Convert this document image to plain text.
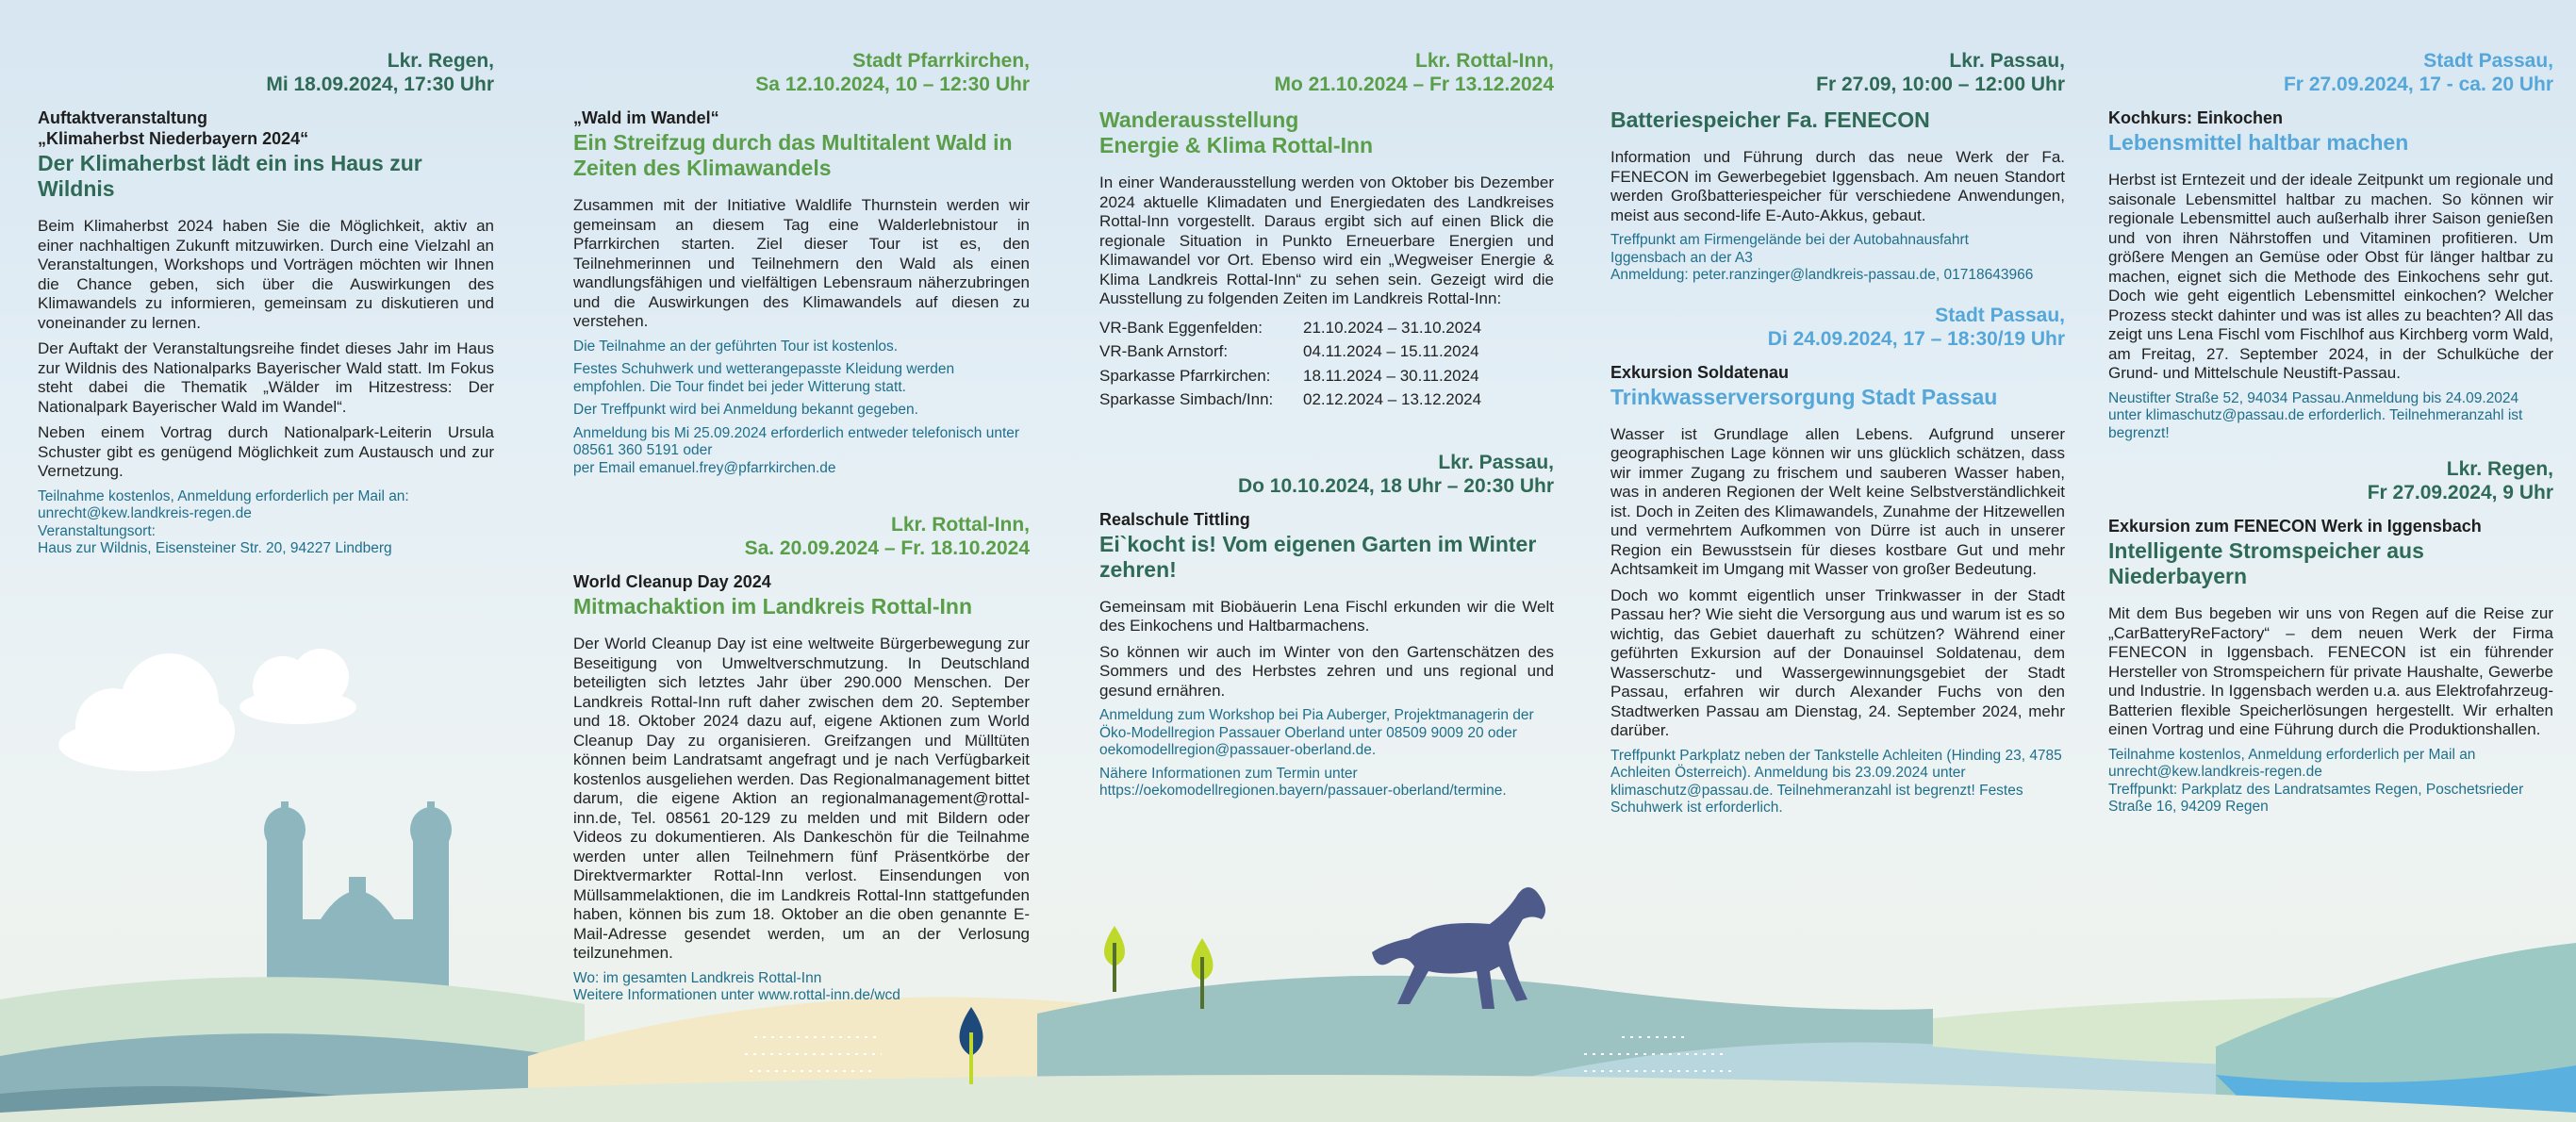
Lkr. Regen,
Mi 18.09.2024, 17:30 Uhr
Auftaktveranstaltung
„Klimaherbst Niederbayern 2024“
Der Klimaherbst lädt ein ins Haus zur Wildnis

Beim Klimaherbst 2024 haben Sie die Möglichkeit, aktiv an einer nachhaltigen Zukunft mitzuwirken. Durch eine Vielzahl an Veranstaltungen, Workshops und Vorträgen möchten wir Ihnen die Chance geben, sich über die Auswirkungen des Klimawandels zu informieren, gemeinsam zu diskutieren und voneinander zu lernen.

Der Auftakt der Veranstaltungsreihe findet dieses Jahr im Haus zur Wildnis des Nationalparks Bayerischer Wald statt. Im Fokus steht dabei die Thematik „Wälder im Hitzestress: Der Nationalpark Bayerischer Wald im Wandel“.

Neben einem Vortrag durch Nationalpark-Leiterin Ursula Schuster gibt es genügend Möglichkeit zum Austausch und zur Vernetzung.

Teilnahme kostenlos, Anmeldung erforderlich per Mail an:
unrecht@kew.landkreis-regen.de
Veranstaltungsort:
Haus zur Wildnis, Eisensteiner Str. 20, 94227 Lindberg
Stadt Pfarrkirchen,
Sa 12.10.2024, 10 – 12:30 Uhr
„Wald im Wandel“
Ein Streifzug durch das Multitalent Wald in Zeiten des Klimawandels

Zusammen mit der Initiative Waldlife Thurnstein werden wir gemeinsam an diesem Tag eine Walderlebnistour in Pfarrkirchen starten. Ziel dieser Tour ist es, den Teilnehmerinnen und Teilnehmern den Wald als einen wandlungsfähigen und vielfältigen Lebensraum näherzubringen und die Auswirkungen des Klimawandels auf diesen zu verstehen.

Die Teilnahme an der geführten Tour ist kostenlos.
Festes Schuhwerk und wetterangepasste Kleidung werden empfohlen. Die Tour findet bei jeder Witterung statt.
Der Treffpunkt wird bei Anmeldung bekannt gegeben.
Anmeldung bis Mi 25.09.2024 erforderlich entweder telefonisch unter 08561 360 5191 oder
per Email emanuel.frey@pfarrkirchen.de
Lkr. Rottal-Inn,
Sa. 20.09.2024 – Fr. 18.10.2024
World Cleanup Day 2024
Mitmachaktion im Landkreis Rottal-Inn

Der World Cleanup Day ist eine weltweite Bürgerbewegung zur Beseitigung von Umweltverschmutzung. In Deutschland beteiligten sich letztes Jahr über 290.000 Menschen. Der Landkreis Rottal-Inn ruft daher zwischen dem 20. September und 18. Oktober 2024 dazu auf, eigene Aktionen zum World Cleanup Day zu organisieren. Greifzangen und Mülltüten können beim Landratsamt angefragt und je nach Verfügbarkeit kostenlos ausgeliehen werden. Das Regionalmanagement bittet darum, die eigene Aktion an regionalmanagement@rottal-inn.de, Tel. 08561 20-129 zu melden und mit Bildern oder Videos zu dokumentieren. Als Dankeschön für die Teilnahme werden unter allen Teilnehmern fünf Präsentkörbe der Direktvermarkter Rottal-Inn verlost. Einsendungen von Müllsammelaktionen, die im Landkreis Rottal-Inn stattgefunden haben, können bis zum 18. Oktober an die oben genannte E-Mail-Adresse gesendet werden, um an der Verlosung teilzunehmen.

Wo: im gesamten Landkreis Rottal-Inn
Weitere Informationen unter www.rottal-inn.de/wcd
Lkr. Rottal-Inn,
Mo 21.10.2024 – Fr 13.12.2024
Wanderausstellung
Energie & Klima Rottal-Inn

In einer Wanderausstellung werden von Oktober bis Dezember 2024 aktuelle Klimadaten und Energiedaten des Landkreises Rottal-Inn vorgestellt. Daraus ergibt sich auf einen Blick die regionale Situation in Punkto Erneuerbare Energien und Klimawandel vor Ort. Ebenso wird ein „Wegweiser Energie & Klima Landkreis Rottal-Inn“ zu sehen sein. Gezeigt wird die Ausstellung zu folgenden Zeiten im Landkreis Rottal-Inn:

VR-Bank Eggenfelden:	21.10.2024 – 31.10.2024
VR-Bank Arnstorf:	04.11.2024 – 15.11.2024
Sparkasse Pfarrkirchen:	18.11.2024 – 30.11.2024
Sparkasse Simbach/Inn:	02.12.2024 – 13.12.2024
Lkr. Passau,
Do 10.10.2024, 18 Uhr – 20:30 Uhr
Realschule Tittling
Ei`kocht is! Vom eigenen Garten im Winter zehren!

Gemeinsam mit Biobäuerin Lena Fischl erkunden wir die Welt des Einkochens und Haltbarmachens.

So können wir auch im Winter von den Gartenschätzen des Sommers und des Herbstes zehren und uns regional und gesund ernähren.

Anmeldung zum Workshop bei Pia Auberger, Projektmanagerin der Öko-Modellregion Passauer Oberland unter 08509 9009 20 oder oekomodellregion@passauer-oberland.de.
Nähere Informationen zum Termin unter
https://oekomodellregionen.bayern/passauer-oberland/termine.
Lkr. Passau,
Fr 27.09, 10:00 – 12:00 Uhr
Batteriespeicher Fa. FENECON

Information und Führung durch das neue Werk der Fa. FENECON im Gewerbegebiet Iggensbach. Am neuen Standort werden Großbatteriespeicher für verschiedene Anwendungen, meist aus second-life E-Auto-Akkus, gebaut.

Treffpunkt am Firmengelände bei der Autobahnausfahrt
Iggensbach an der A3
Anmeldung: peter.ranzinger@landkreis-passau.de, 01718643966
Stadt Passau,
Di 24.09.2024, 17 – 18:30/19 Uhr
Exkursion Soldatenau
Trinkwasserversorgung Stadt Passau

Wasser ist Grundlage allen Lebens. Aufgrund unserer geographischen Lage können wir uns glücklich schätzen, dass wir immer Zugang zu frischem und sauberen Wasser haben, was in anderen Regionen der Welt keine Selbstverständlichkeit ist. Doch in Zeiten des Klimawandels, Zunahme der Hitzewellen und vermehrtem Aufkommen von Dürre ist auch in unserer Region ein Bewusstsein für dieses kostbare Gut und mehr Achtsamkeit im Umgang mit Wasser von großer Bedeutung.

Doch wo kommt eigentlich unser Trinkwasser in der Stadt Passau her? Wie sieht die Versorgung aus und warum ist es so wichtig, das Gebiet dauerhaft zu schützen? Während einer geführten Exkursion auf der Donauinsel Soldatenau, dem Wasserschutz- und Wassergewinnungsgebiet der Stadt Passau, erfahren wir durch Alexander Fuchs von den Stadtwerken Passau am Dienstag, 24. September 2024, mehr darüber.

Treffpunkt Parkplatz neben der Tankstelle Achleiten (Hinding 23, 4785 Achleiten Österreich). Anmeldung bis 23.09.2024 unter klimaschutz@passau.de. Teilnehmeranzahl ist begrenzt! Festes Schuhwerk ist erforderlich.
Stadt Passau,
Fr 27.09.2024, 17 - ca. 20 Uhr
Kochkurs: Einkochen
Lebensmittel haltbar machen

Herbst ist Erntezeit und der ideale Zeitpunkt um regionale und saisonale Lebensmittel haltbar zu machen. So können wir regionale Lebensmittel auch außerhalb ihrer Saison genießen und von ihren Nährstoffen und Vitaminen profitieren. Um größere Mengen an Gemüse oder Obst für länger haltbar zu machen, eignet sich die Methode des Einkochens sehr gut. Doch wie geht eigentlich Lebensmittel einkochen? Welcher Prozess steckt dahinter und was ist alles zu beachten? All das zeigt uns Lena Fischl vom Fischlhof aus Kirchberg vorm Wald, am Freitag, 27. September 2024, in der Schulküche der Grund- und Mittelschule Neustift-Passau.

Neustifter Straße 52, 94034 Passau.Anmeldung bis 24.09.2024 unter klimaschutz@passau.de erforderlich. Teilnehmeranzahl ist begrenzt!
Lkr. Regen,
Fr 27.09.2024, 9 Uhr
Exkursion zum FENECON Werk in Iggensbach
Intelligente Stromspeicher aus Niederbayern

Mit dem Bus begeben wir uns von Regen auf die Reise zur „CarBatteryReFactory“ – dem neuen Werk der Firma FENECON in Iggensbach. FENECON ist ein führender Hersteller von Stromspeichern für private Haushalte, Gewerbe und Industrie. In Iggensbach werden u.a. aus Elektrofahrzeug-Batterien flexible Speicherlösungen hergestellt. Wir erhalten einen Vortrag und eine Führung durch die Produktionshallen.

Teilnahme kostenlos, Anmeldung erforderlich per Mail an
unrecht@kew.landkreis-regen.de
Treffpunkt: Parkplatz des Landratsamtes Regen, Poschetsrieder Straße 16, 94209 Regen
